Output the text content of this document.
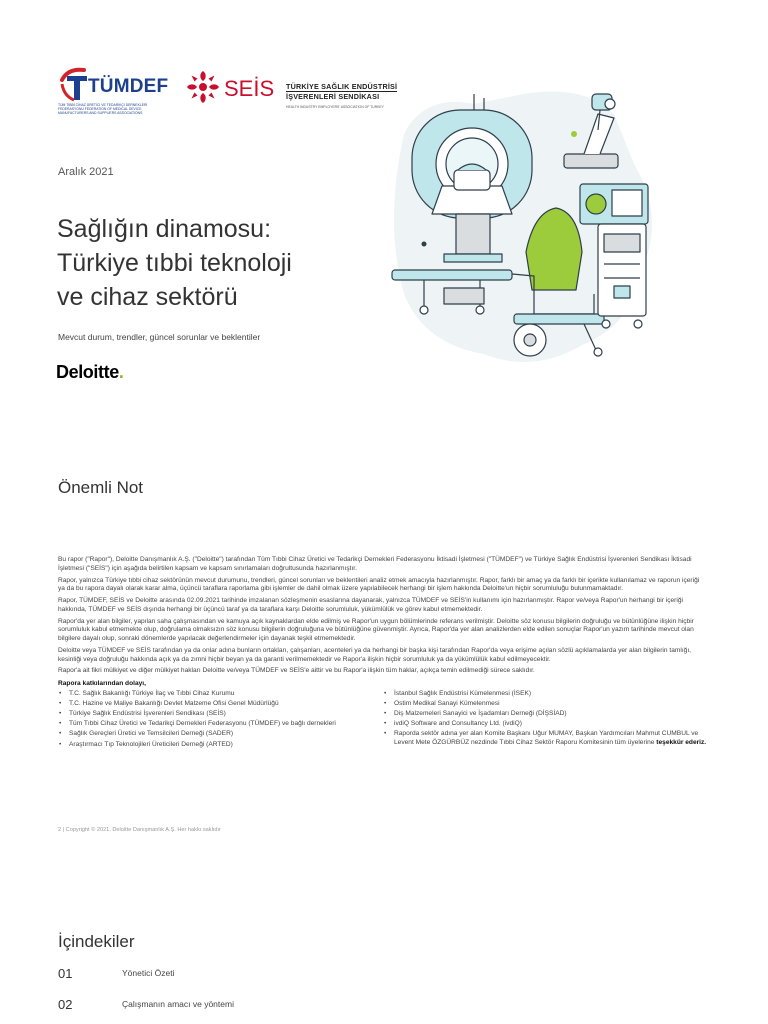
TÜMDEF
TÜM TIBBİ CİHAZ ÜRETİCİ VE TEDARİKÇİ DERNEKLERİ FEDERASYONU FEDERATION OF MEDICAL DEVICE MANUFACTURERS AND SUPPLIERS ASSOCIATIONS
SEİS TÜRKİYE SAĞLIK ENDÜSTRİSİ
İŞVERENLERİ SENDİKASI
HEALTH INDUSTRY EMPLOYERS' ASSOCIATION OF TURKEY
Aralık 2021
Sağlığın dinamosu:
Türkiye tıbbi teknoloji
ve cihaz sektörü
Mevcut durum, trendler, güncel sorunlar ve beklentiler
Deloitte.
Önemli Not

Bu rapor ("Rapor"), Deloitte Danışmanlık A.Ş. ("Deloitte") tarafından Tüm Tıbbi Cihaz Üretici ve Tedarikçi Dernekleri Federasyonu İktisadi İşletmesi ("TÜMDEF") ve Türkiye Sağlık Endüstrisi İşverenleri Sendikası İktisadi İşletmesi ("SEİS") için aşağıda belirtilen kapsam ve kapsam sınırlamaları doğrultusunda hazırlanmıştır.

Rapor, yalnızca Türkiye tıbbi cihaz sektörünün mevcut durumunu, trendleri, güncel sorunları ve beklentileri analiz etmek amacıyla hazırlanmıştır. Rapor, farklı bir amaç ya da farklı bir içerikte kullanılamaz ve raporun içeriği ya da bu rapora dayalı olarak karar alma, üçüncü taraflara raporlama gibi işlemler de dahil olmak üzere yapılabilecek herhangi bir işlem hakkında Deloitte'un hiçbir sorumluluğu bulunmamaktadır.

Rapor, TÜMDEF, SEİS ve Deloitte arasında 02.09.2021 tarihinde imzalanan sözleşmenin esaslarına dayanarak, yalnızca TÜMDEF ve SEİS'in kullanımı için hazırlanmıştır. Rapor ve/veya Rapor'un herhangi bir içeriği hakkında, TÜMDEF ve SEİS dışında herhangi bir üçüncü taraf ya da taraflara karşı Deloitte sorumluluk, yükümlülük ve görev kabul etmemektedir.

Rapor'da yer alan bilgiler, yapılan saha çalışmasından ve kamuya açık kaynaklardan elde edilmiş ve Rapor'un uygun bölümlerinde referans verilmiştir. Deloitte söz konusu bilgilerin doğruluğu ve bütünlüğüne ilişkin hiçbir sorumluluk kabul etmemekte olup, doğrulama olmaksızın söz konusu bilgilerin doğruluğuna ve bütünlüğüne güvenmiştir. Ayrıca, Rapor'da yer alan analizlerden elde edilen sonuçlar Rapor'un yazım tarihinde mevcut olan bilgilere dayalı olup, sonraki dönemlerde yapılacak değerlendirmeler için dayanak teşkil etmemektedir.

Deloitte veya TÜMDEF ve SEİS tarafından ya da onlar adına bunların ortakları, çalışanları, acenteleri ya da herhangi bir başka kişi tarafından Rapor'da veya erişime açılan sözlü açıklamalarda yer alan bilgilerin tamlığı, kesinliği veya doğruluğu hakkında açık ya da zımni hiçbir beyan ya da garanti verilmemektedir ve Rapor'a ilişkin hiçbir sorumluluk ya da yükümlülük kabul edilmeyecektir.

Rapor'a ait fikri mülkiyet ve diğer mülkiyet hakları Deloitte ve/veya TÜMDEF ve SEİS'e aittir ve bu Rapor'a ilişkin tüm haklar, açıkça temin edilmediği sürece saklıdır.

Rapora katkılarından dolayı,
• T.C. Sağlık Bakanlığı Türkiye İlaç ve Tıbbi Cihaz Kurumu
• T.C. Hazine ve Maliye Bakanlığı Devlet Malzeme Ofisi Genel Müdürlüğü
• Türkiye Sağlık Endüstrisi İşverenleri Sendikası (SEİS)
• Tüm Tıbbi Cihaz Üretici ve Tedarikçi Dernekleri Federasyonu (TÜMDEF) ve bağlı dernekleri
• Sağlık Gereçleri Üretici ve Temsilcileri Derneği (SADER)
• Araştırmacı Tıp Teknolojileri Üreticileri Derneği (ARTED)
• İstanbul Sağlık Endüstrisi Kümelenmesi (İSEK)
• Ostim Medikal Sanayi Kümelenmesi
• Diş Malzemeleri Sanayici ve İşadamları Derneği (DİŞSİAD)
• ivdiQ Software and Consultancy Ltd. (ivdiQ)
• Raporda sektör adına yer alan Komite Başkanı Uğur MUMAY, Başkan Yardımcıları Mahmut CUMBUL ve Levent Mete ÖZGÜRBÜZ nezdinde Tıbbi Cihaz Sektör Raporu Komitesinin tüm üyelerine teşekkür ederiz.
2 | Copyright © 2021. Deloitte Danışmanlık A.Ş. Her hakkı saklıdır
İçindekiler
01	Yönetici Özeti
02	Çalışmanın amacı ve yöntemi
